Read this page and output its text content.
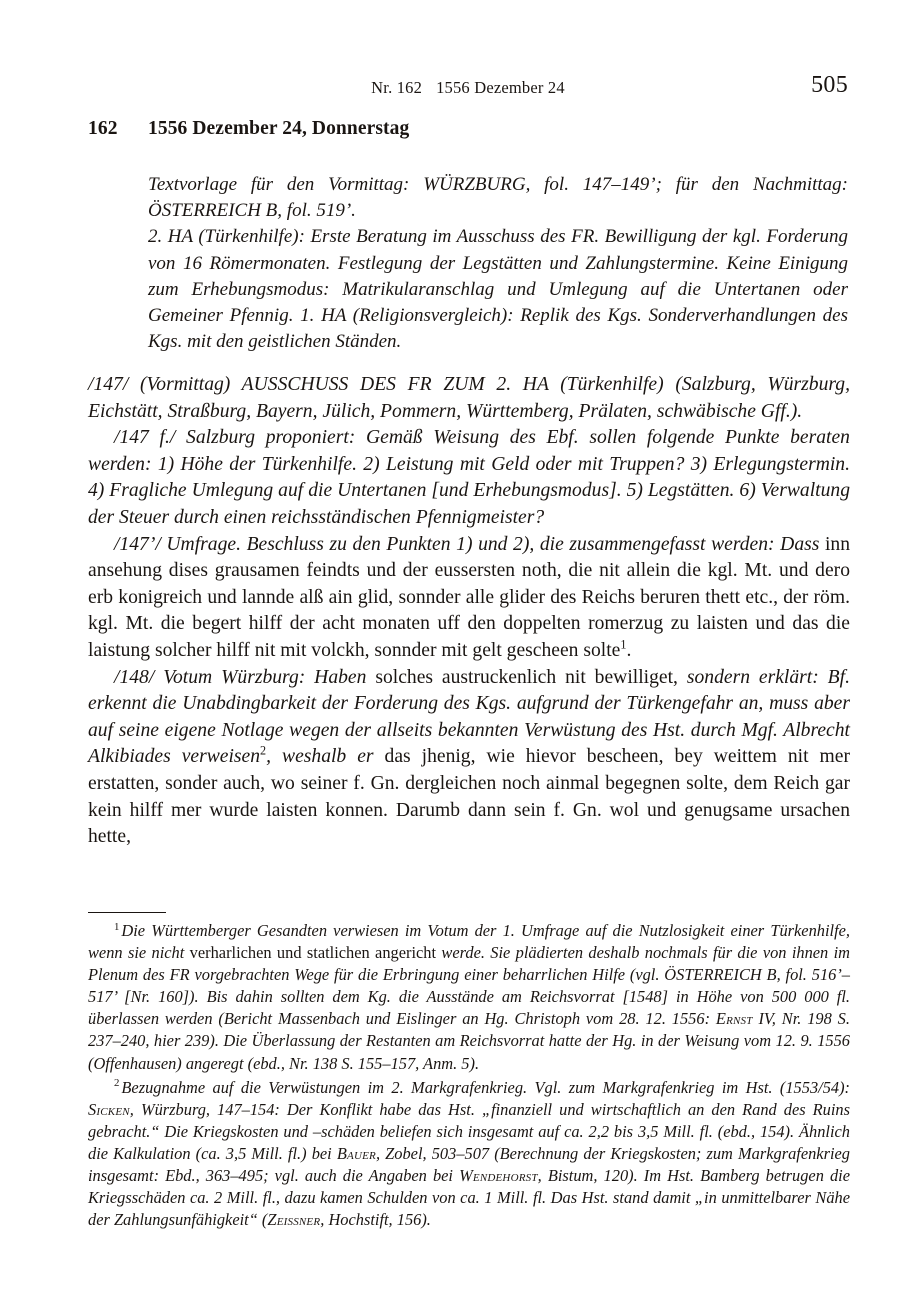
Nr. 162 1556 Dezember 24	505
162 1556 Dezember 24, Donnerstag

Textvorlage für den Vormittag: WÜRZBURG, fol. 147–149’; für den Nachmittag: ÖSTERREICH B, fol. 519’.

2. HA (Türkenhilfe): Erste Beratung im Ausschuss des FR. Bewilligung der kgl. Forderung von 16 Römermonaten. Festlegung der Legstätten und Zahlungstermine. Keine Einigung zum Erhebungsmodus: Matrikularanschlag und Umlegung auf die Untertanen oder Gemeiner Pfennig. 1. HA (Religionsvergleich): Replik des Kgs. Sonderverhandlungen des Kgs. mit den geistlichen Ständen.

/147/ (Vormittag) AUSSCHUSS DES FR ZUM 2. HA (Türkenhilfe) (Salzburg, Würzburg, Eichstätt, Straßburg, Bayern, Jülich, Pommern, Württemberg, Prälaten, schwäbische Gff.).

/147 f./ Salzburg proponiert: Gemäß Weisung des Ebf. sollen folgende Punkte beraten werden: 1) Höhe der Türkenhilfe. 2) Leistung mit Geld oder mit Truppen? 3) Erlegungstermin. 4) Fragliche Umlegung auf die Untertanen [und Erhebungsmodus]. 5) Legstätten. 6) Verwaltung der Steuer durch einen reichsständischen Pfennigmeister?

/147’/ Umfrage. Beschluss zu den Punkten 1) und 2), die zusammengefasst werden: Dass inn ansehung dises grausamen feindts und der eussersten noth, die nit allein die kgl. Mt. und dero erb konigreich und lannde alß ain glid, sonnder alle glider des Reichs beruren thett etc., der röm. kgl. Mt. die begert hilff der acht monaten uff den doppelten romerzug zu laisten und das die laistung solcher hilff nit mit volckh, sonnder mit gelt gescheen solte$^1$.

/148/ Votum Würzburg: Haben solches austruckenlich nit bewilliget, sondern erklärt: Bf. erkennt die Unabdingbarkeit der Forderung des Kgs. aufgrund der Türkengefahr an, muss aber auf seine eigene Notlage wegen der allseits bekannten Verwüstung des Hst. durch Mgf. Albrecht Alkibiades verweisen$^2$, weshalb er das jhenig, wie hievor bescheen, bey weittem nit mer erstatten, sonder auch, wo seiner f. Gn. dergleichen noch ainmal begegnen solte, dem Reich gar kein hilff mer wurde laisten konnen. Darumb dann sein f. Gn. wol und genugsame ursachen hette,

$^1$ Die Württemberger Gesandten verwiesen im Votum der 1. Umfrage auf die Nutzlosigkeit einer Türkenhilfe, wenn sie nicht verharlichen und statlichen angericht werde. Sie plädierten deshalb nochmals für die von ihnen im Plenum des FR vorgebrachten Wege für die Erbringung einer beharrlichen Hilfe (vgl. ÖSTERREICH B, fol. 516’–517’ [Nr. 160]). Bis dahin sollten dem Kg. die Ausstände am Reichsvorrat [1548] in Höhe von 500 000 fl. überlassen werden (Bericht Massenbach und Eislinger an Hg. Christoph vom 28. 12. 1556: Ernst IV, Nr. 198 S. 237–240, hier 239). Die Überlassung der Restanten am Reichsvorrat hatte der Hg. in der Weisung vom 12. 9. 1556 (Offenhausen) angeregt (ebd., Nr. 138 S. 155–157, Anm. 5).

$^2$ Bezugnahme auf die Verwüstungen im 2. Markgrafenkrieg. Vgl. zum Markgrafenkrieg im Hst. (1553/54): Sicken, Würzburg, 147–154: Der Konflikt habe das Hst. „finanziell und wirtschaftlich an den Rand des Ruins gebracht.“ Die Kriegskosten und –schäden beliefen sich insgesamt auf ca. 2,2 bis 3,5 Mill. fl. (ebd., 154). Ähnlich die Kalkulation (ca. 3,5 Mill. fl.) bei Bauer, Zobel, 503–507 (Berechnung der Kriegskosten; zum Markgrafenkrieg insgesamt: Ebd., 363–495; vgl. auch die Angaben bei Wendehorst, Bistum, 120). Im Hst. Bamberg betrugen die Kriegsschäden ca. 2 Mill. fl., dazu kamen Schulden von ca. 1 Mill. fl. Das Hst. stand damit „in unmittelbarer Nähe der Zahlungsunfähigkeit“ (Zeissner, Hochstift, 156).
